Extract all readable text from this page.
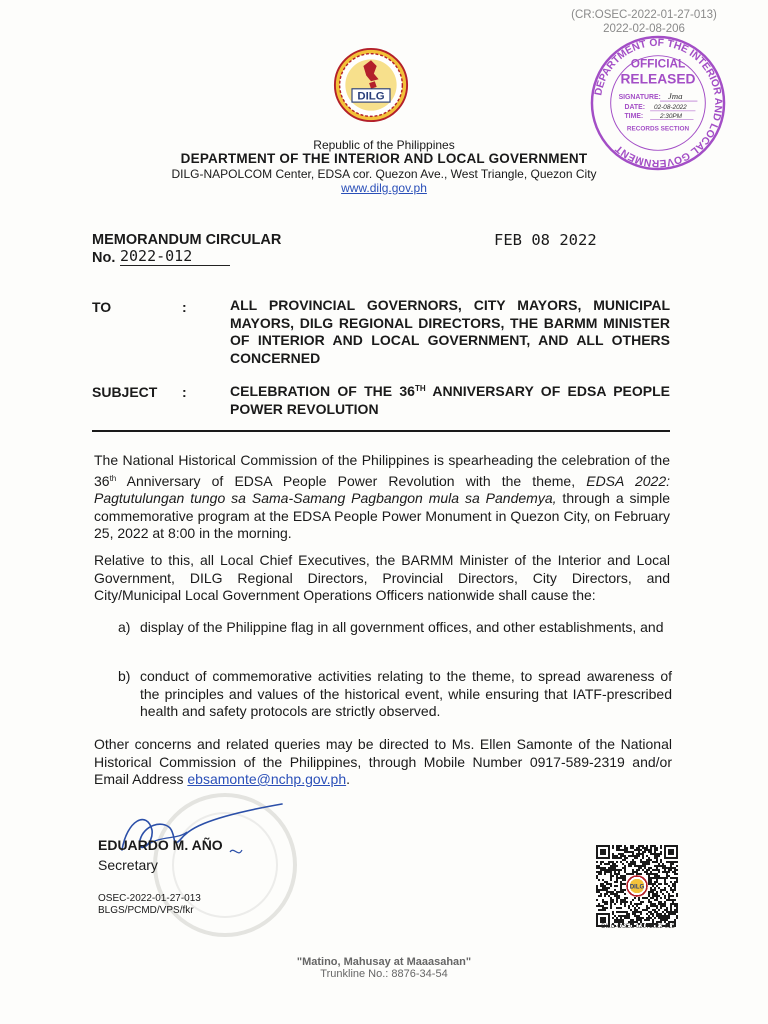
(CR:OSEC-2022-01-27-013)
2022-02-08-206
DILG
Republic of the Philippines
DEPARTMENT OF THE INTERIOR AND LOCAL GOVERNMENT
DILG-NAPOLCOM Center, EDSA cor. Quezon Ave., West Triangle, Quezon City
www.dilg.gov.ph
DEPARTMENT OF THE INTERIOR AND LOCAL GOVERNMENT
OFFICIAL
RELEASED
SIGNATURE: Jma
DATE: 02-08-2022
TIME:	2:30PM
RECORDS SECTION
MEMORANDUM CIRCULAR
No. 2022-012
FEB 08 2022
TO	:	ALL PROVINCIAL GOVERNORS, CITY MAYORS, MUNICIPAL MAYORS, DILG REGIONAL DIRECTORS, THE BARMM MINISTER OF INTERIOR AND LOCAL GOVERNMENT, AND ALL OTHERS CONCERNED
SUBJECT :	CELEBRATION OF THE 36TH ANNIVERSARY OF EDSA PEOPLE POWER REVOLUTION
The National Historical Commission of the Philippines is spearheading the celebration of the 36th Anniversary of EDSA People Power Revolution with the theme, EDSA 2022: Pagtutulungan tungo sa Sama-Samang Pagbangon mula sa Pandemya, through a simple commemorative program at the EDSA People Power Monument in Quezon City, on February 25, 2022 at 8:00 in the morning.
Relative to this, all Local Chief Executives, the BARMM Minister of the Interior and Local Government, DILG Regional Directors, Provincial Directors, City Directors, and City/Municipal Local Government Operations Officers nationwide shall cause the:
a) display of the Philippine flag in all government offices, and other establishments, and
b) conduct of commemorative activities relating to the theme, to spread awareness of the principles and values of the historical event, while ensuring that IATF-prescribed health and safety protocols are strictly observed.
Other concerns and related queries may be directed to Ms. Ellen Samonte of the National Historical Commission of the Philippines, through Mobile Number 0917-589-2319 and/or Email Address ebsamonte@nchp.gov.ph.
EDUARDO M. AÑO
Secretary
OSEC-2022-01-27-013
BLGS/PCMD/VPS/fkr
DILG
DILG-OSEC 02072022-013
"Matino, Mahusay at Maaasahan"
Trunkline No.: 8876-34-54
